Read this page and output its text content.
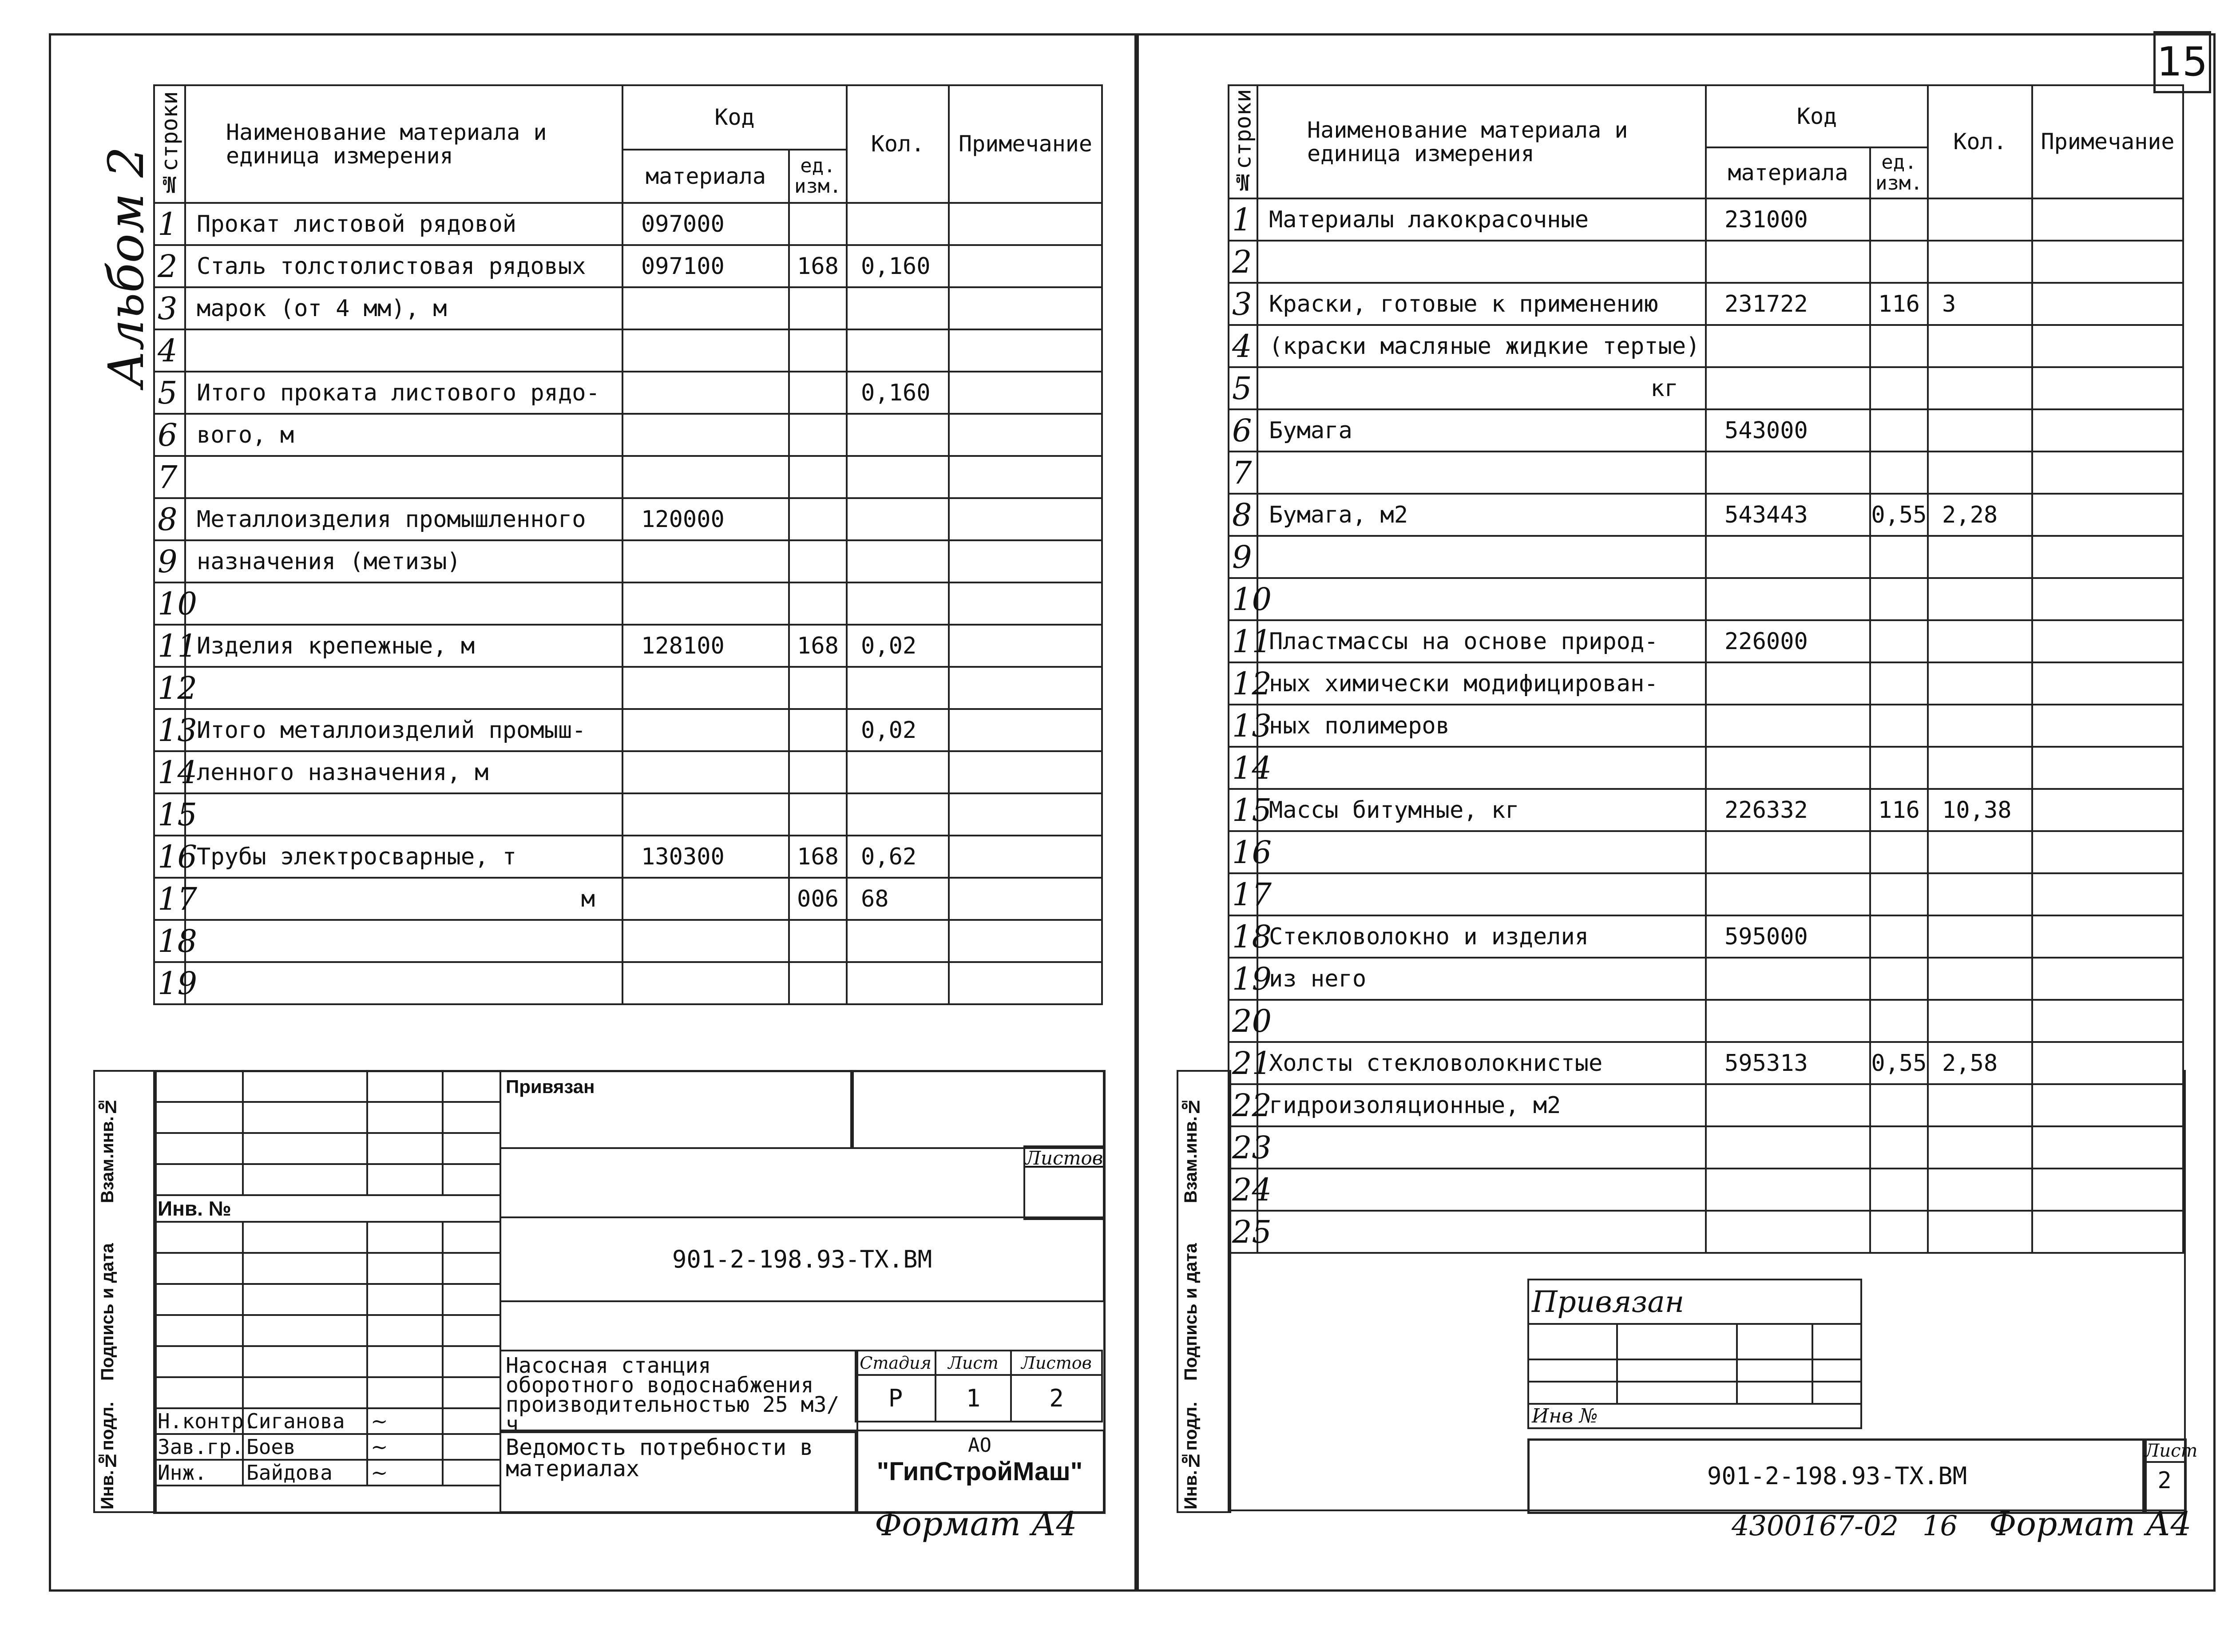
15
Альбом 2
№строки	Наименование материала и единица измерения	Код		Кол.	Примечание
		материала	ед. изм.		
1	Прокат листовой рядовой	097000			
2	Сталь толстолистовая рядовых	097100	168	0,160	
3	марок (от 4 мм), м				
4					
5	Итого проката листового рядо-			0,160	
6	вого, м				
7					
8	Металлоизделия промышленного	120000			
9	назначения (метизы)				
10					
11	Изделия крепежные, м	128100	168	0,02	
12					
13	Итого металлоизделий промыш-			0,02	
14	ленного назначения, м				
15					
16	Трубы электросварные, т	130300	168	0,62	
17	м		006	68	
18					
19					
№строки	Наименование материала и единица измерения	Код		Кол.	Примечание
		материала	ед. изм.		
1	Материалы лакокрасочные	231000			
2					
3	Краски, готовые к применению	231722	116	3	
4	(краски масляные жидкие тертые)				
5	кг				
6	Бумага	543000			
7					
8	Бумага, м2	543443	0,55	2,28	
9					
10					
11	Пластмассы на основе природ-	226000			
12	ных химически модифицирован-				
13	ных полимеров				
14					
15	Массы битумные, кг	226332	116	10,38	
16					
17					
18	Стекловолокно и изделия	595000			
19	из него				
20					
21	Холсты стекловолокнистые	595313	0,55	2,58	
22	гидроизоляционные, м2				
23					
24					
25					
Взам.инв.№
Подпись и дата
Инв.№подл.

Инв. №			

Н.контр.	Сиганова	~	
Зав.гр.	Боев	~	
Инж.	Байдова	~	
Привязан
Листов
901-2-198.93-ТХ.ВМ
Насосная станция оборотного водоснабжения производительностью 25 м3/ч
Стадия	Лист	Листов
Р	1	2
Ведомость потребности в материалах
АО
"ГипСтройМаш"
Формат А4
Взам.инв.№
Подпись и дата
Инв.№подл.
Привязан			

Инв №			
901-2-198.93-ТХ.ВМ
Лист
2
4300167-02 16 Формат А4
